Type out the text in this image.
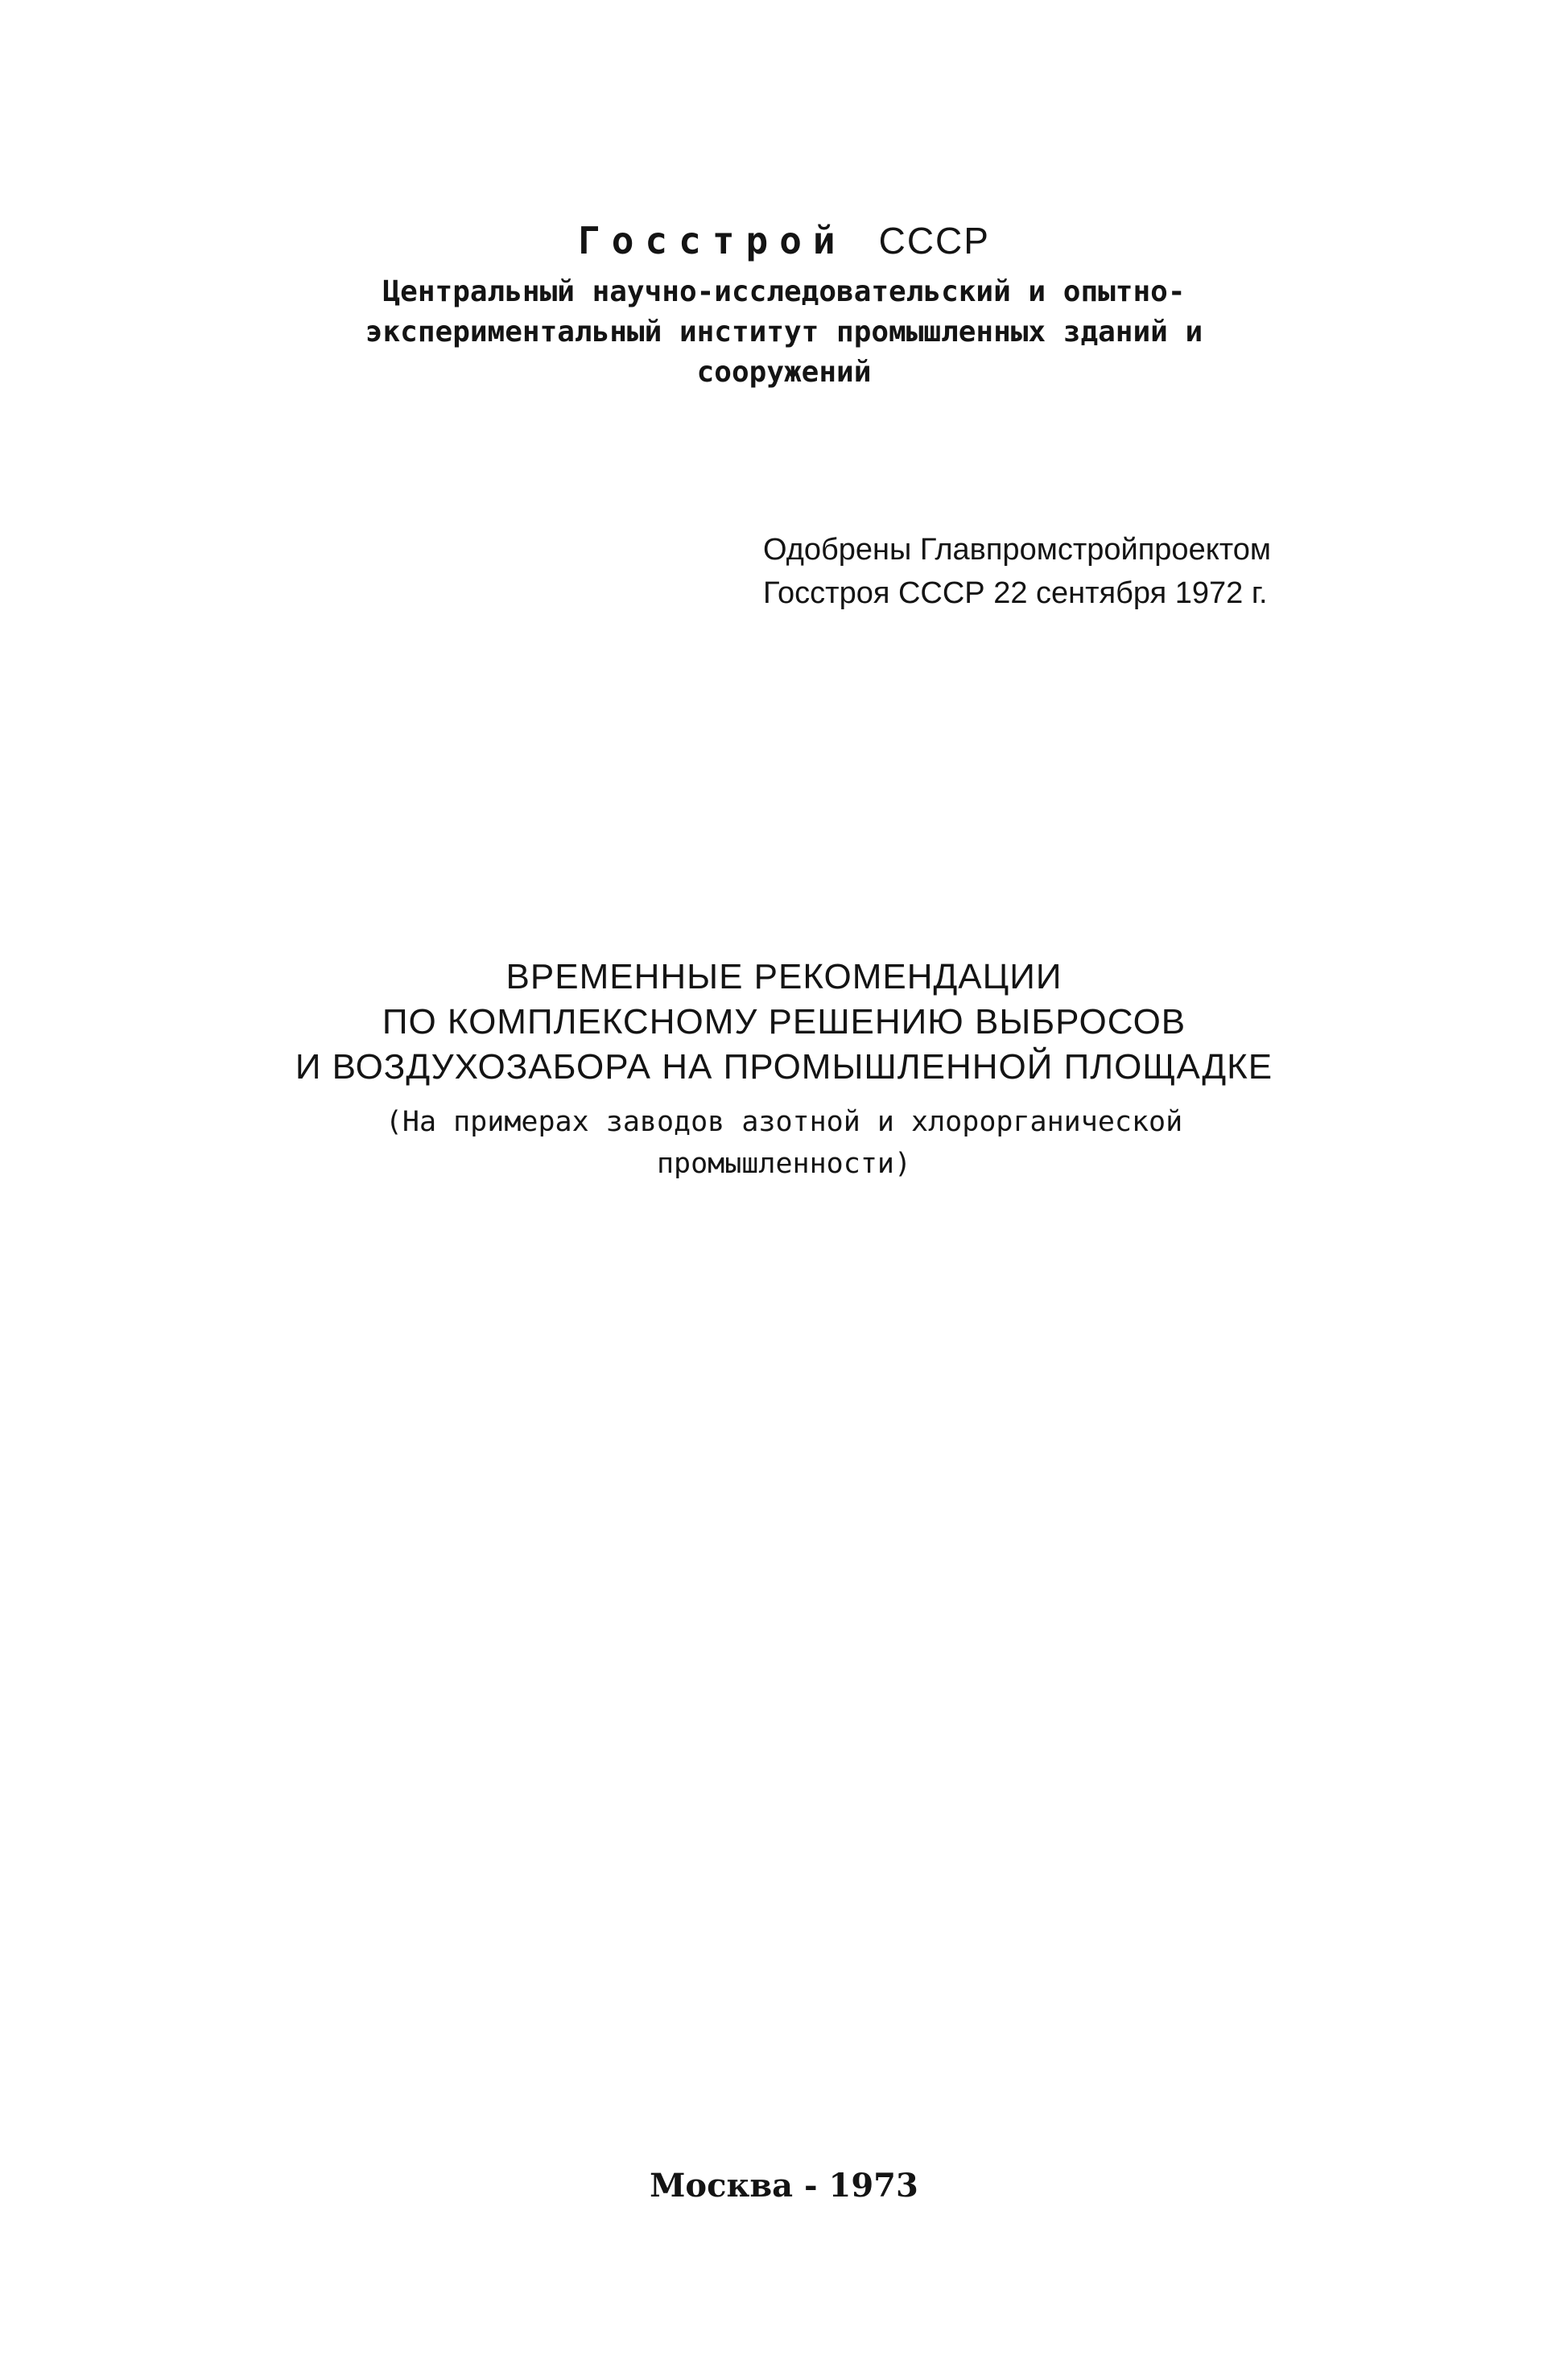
Госстрой СССР
Центральный научно-исследовательский и опытно-
экспериментальный институт промышленных зданий и
сооружений
Одобрены Главпромстройпроектом
Госстроя СССР 22 сентября 1972 г.
ВРЕМЕННЫЕ РЕКОМЕНДАЦИИ
ПО КОМПЛЕКСНОМУ РЕШЕНИЮ ВЫБРОСОВ
И ВОЗДУХОЗАБОРА НА ПРОМЫШЛЕННОЙ ПЛОЩАДКЕ
(На примерах заводов азотной и хлорорганической
промышленности)
Москва - 1973
